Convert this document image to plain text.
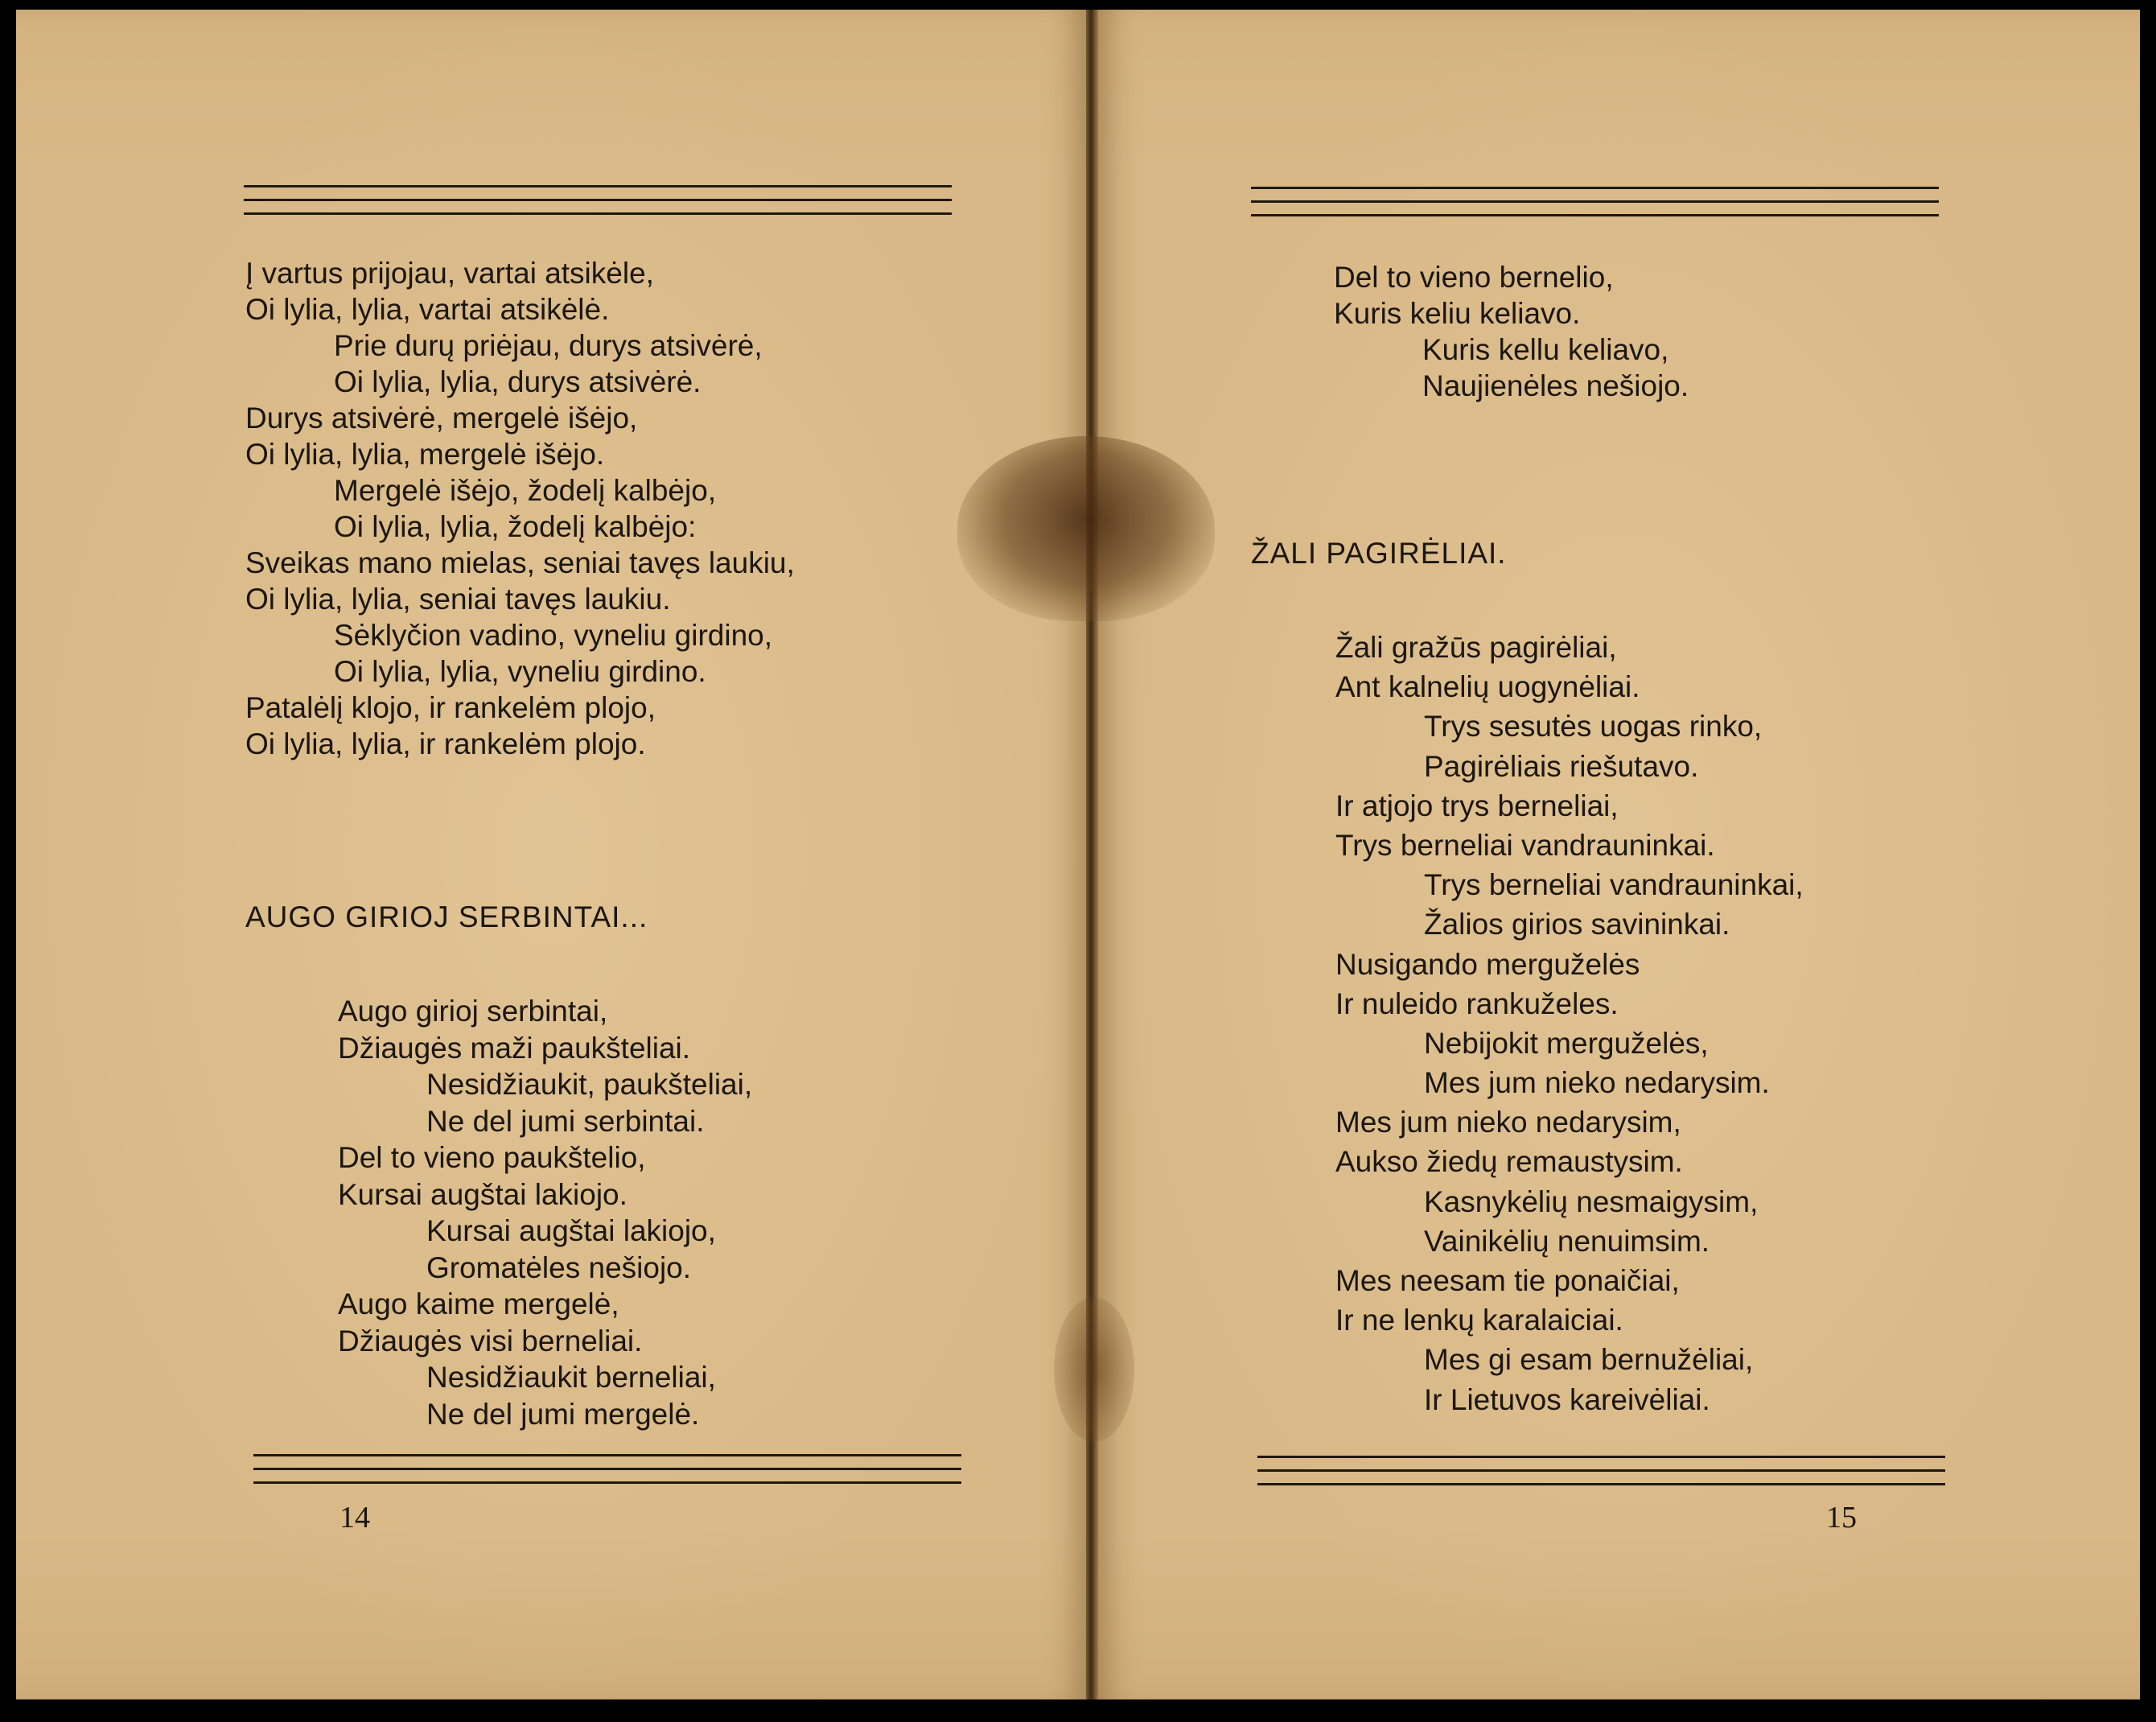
Į vartus prijojau, vartai atsikėle,
Oi lylia, lylia, vartai atsikėlė.
Prie durų priėjau, durys atsivėrė,
Oi lylia, lylia, durys atsivėrė.
Durys atsivėrė, mergelė išėjo,
Oi lylia, lylia, mergelė išėjo.
Mergelė išėjo, žodelį kalbėjo,
Oi lylia, lylia, žodelį kalbėjo:
Sveikas mano mielas, seniai tavęs laukiu,
Oi lylia, lylia, seniai tavęs laukiu.
Sėklyčion vadino, vyneliu girdino,
Oi lylia, lylia, vyneliu girdino.
Patalėlį klojo, ir rankelėm plojo,
Oi lylia, lylia, ir rankelėm plojo.
AUGO GIRIOJ SERBINTAI...
Augo girioj serbintai,
Džiaugės maži paukšteliai.
Nesidžiaukit, paukšteliai,
Ne del jumi serbintai.
Del to vieno paukštelio,
Kursai augštai lakiojo.
Kursai augštai lakiojo,
Gromatėles nešiojo.
Augo kaime mergelė,
Džiaugės visi berneliai.
Nesidžiaukit berneliai,
Ne del jumi mergelė.
14
Del to vieno bernelio,
Kuris keliu keliavo.
Kuris kellu keliavo,
Naujienėles nešiojo.
ŽALI PAGIRĖLIAI.
Žali gražūs pagirėliai,
Ant kalnelių uogynėliai.
Trys sesutės uogas rinko,
Pagirėliais riešutavo.
Ir atjojo trys berneliai,
Trys berneliai vandrauninkai.
Trys berneliai vandrauninkai,
Žalios girios savininkai.
Nusigando merguželės
Ir nuleido rankuželes.
Nebijokit merguželės,
Mes jum nieko nedarysim.
Mes jum nieko nedarysim,
Aukso žiedų remaustysim.
Kasnykėlių nesmaigysim,
Vainikėlių nenuimsim.
Mes neesam tie ponaičiai,
Ir ne lenkų karalaiciai.
Mes gi esam bernužėliai,
Ir Lietuvos kareivėliai.
15
